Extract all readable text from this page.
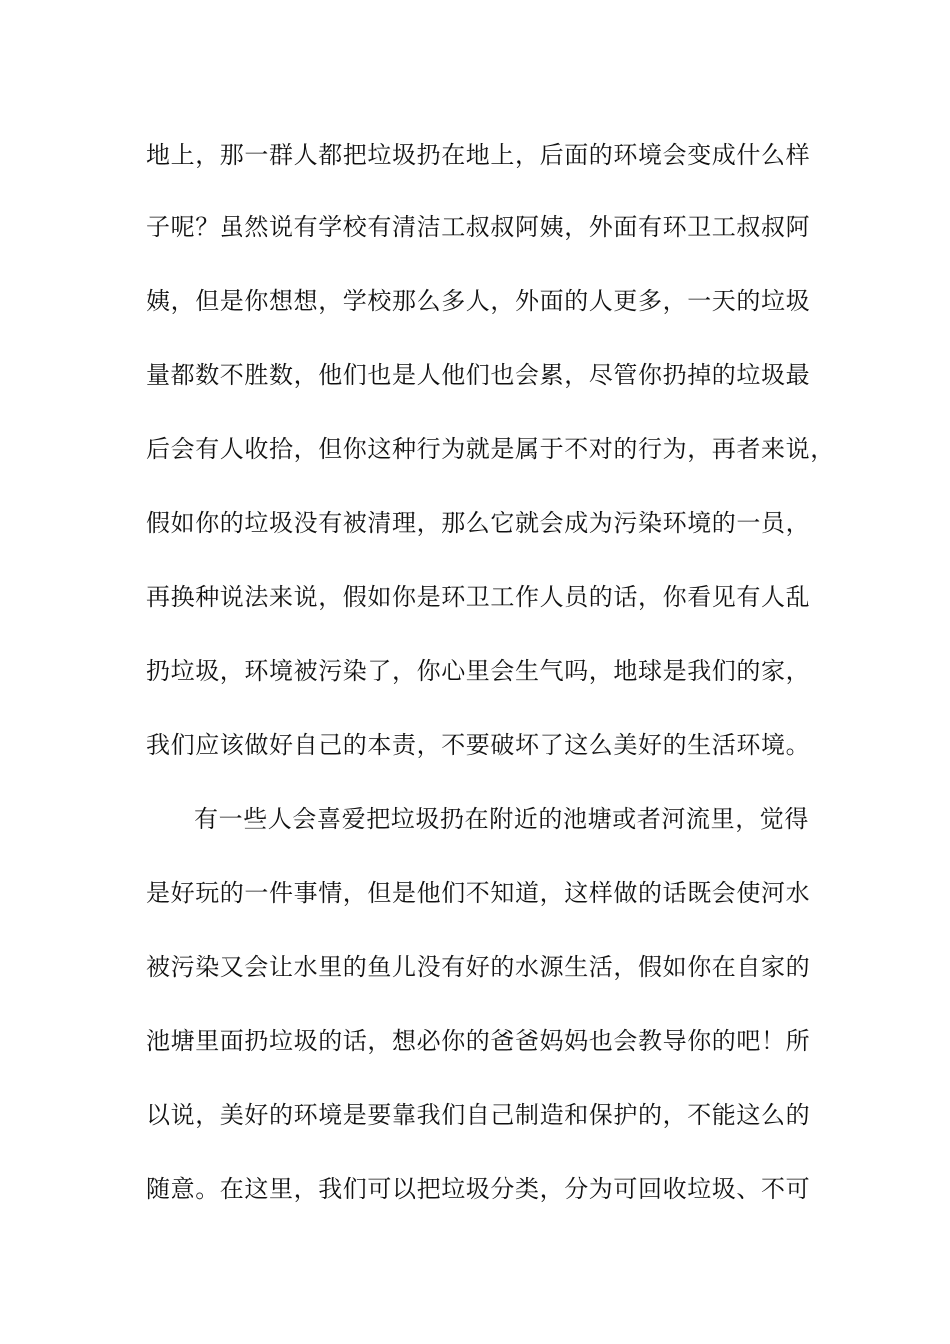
地上，那一群人都把垃圾扔在地上，后面的环境会变成什么样
子呢？虽然说有学校有清洁工叔叔阿姨，外面有环卫工叔叔阿
姨，但是你想想，学校那么多人，外面的人更多，一天的垃圾
量都数不胜数，他们也是人他们也会累，尽管你扔掉的垃圾最
后会有人收拾，但你这种行为就是属于不对的行为，再者来说，
假如你的垃圾没有被清理，那么它就会成为污染环境的一员，
再换种说法来说，假如你是环卫工作人员的话，你看见有人乱
扔垃圾，环境被污染了，你心里会生气吗，地球是我们的家，
我们应该做好自己的本责，不要破坏了这么美好的生活环境。
有一些人会喜爱把垃圾扔在附近的池塘或者河流里，觉得
是好玩的一件事情，但是他们不知道，这样做的话既会使河水
被污染又会让水里的鱼儿没有好的水源生活，假如你在自家的
池塘里面扔垃圾的话，想必你的爸爸妈妈也会教导你的吧！所
以说，美好的环境是要靠我们自己制造和保护的，不能这么的
随意。在这里，我们可以把垃圾分类，分为可回收垃圾、不可
